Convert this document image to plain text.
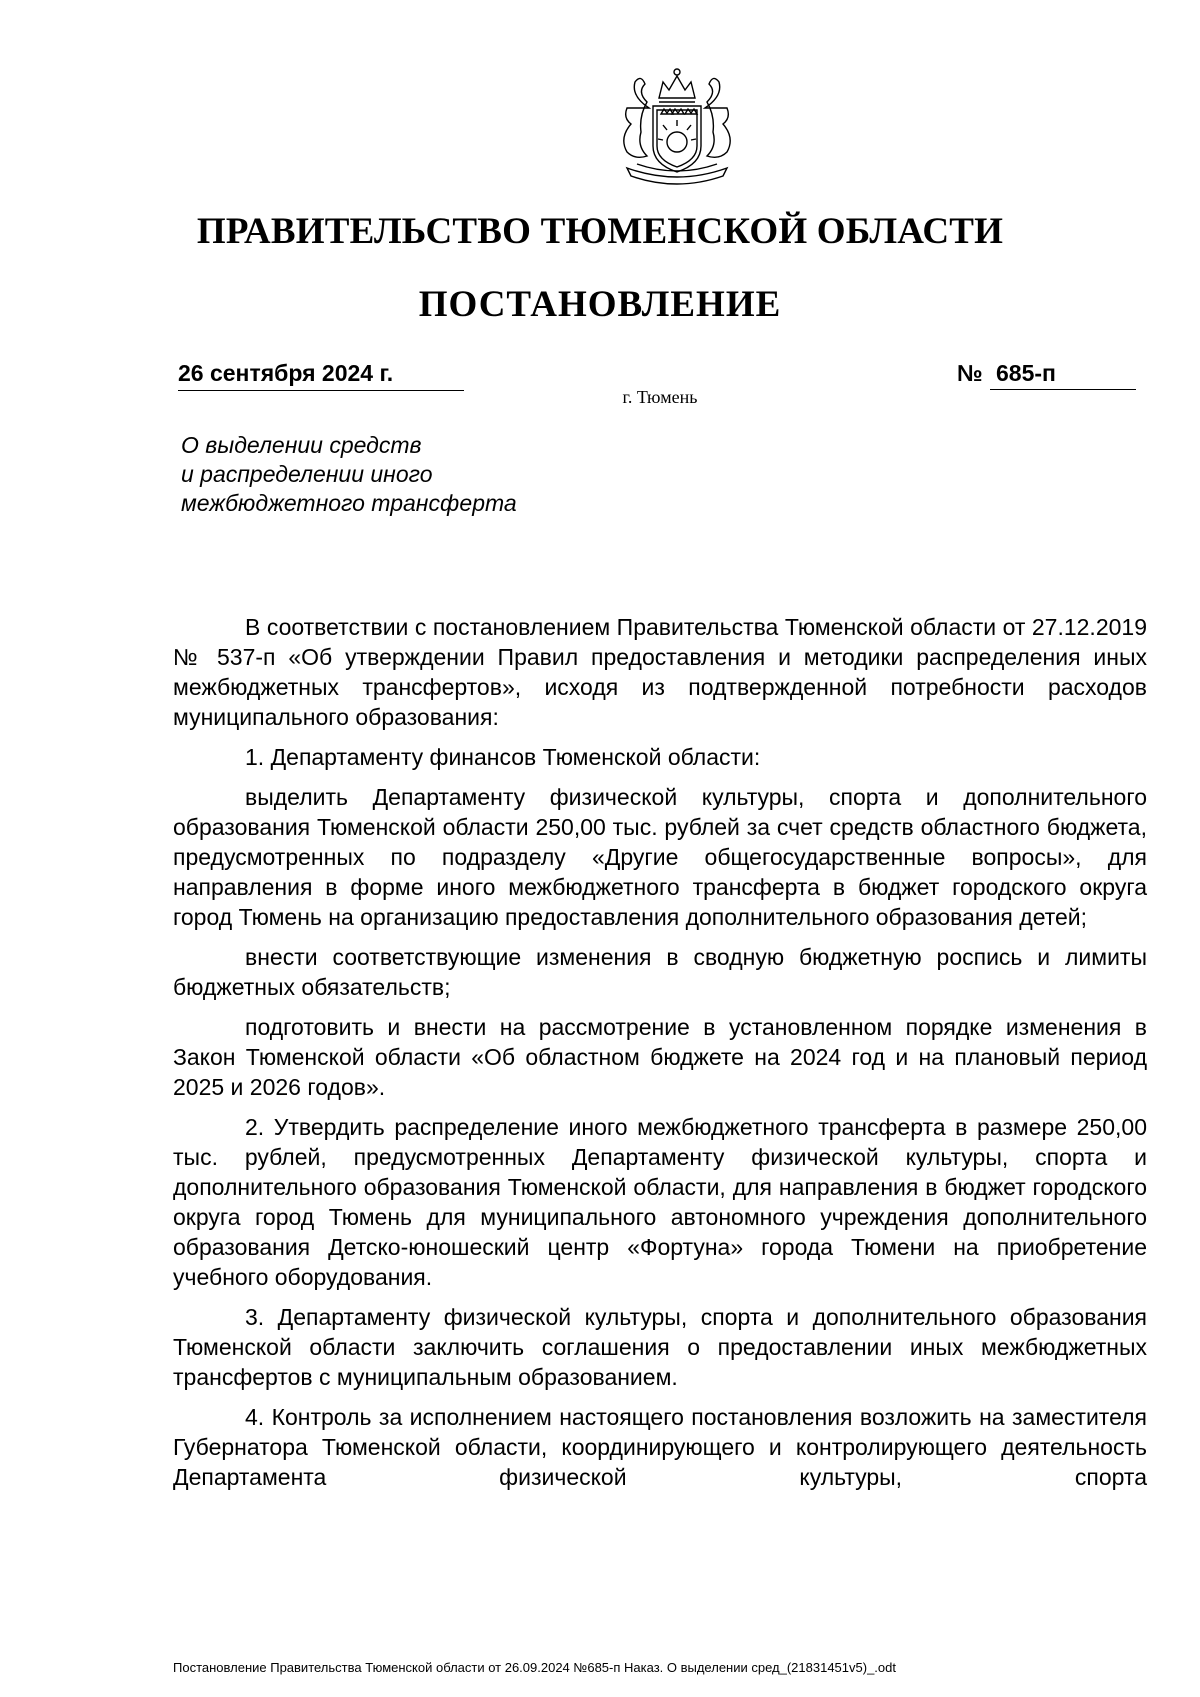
ПРАВИТЕЛЬСТВО ТЮМЕНСКОЙ ОБЛАСТИ
ПОСТАНОВЛЕНИЕ
26 сентября 2024 г.	№ 685-п
г. Тюмень
О выделении средств
и распределении иного
межбюджетного трансферта

В соответствии с постановлением Правительства Тюменской области от 27.12.2019 № 537-п «Об утверждении Правил предоставления и методики распределения иных межбюджетных трансфертов», исходя из подтвержденной потребности расходов муниципального образования:

1. Департаменту финансов Тюменской области:

выделить Департаменту физической культуры, спорта и дополнительного образования Тюменской области 250,00 тыс. рублей за счет средств областного бюджета, предусмотренных по подразделу «Другие общегосударственные вопросы», для направления в форме иного межбюджетного трансферта в бюджет городского округа город Тюмень на организацию предоставления дополнительного образования детей;

внести соответствующие изменения в сводную бюджетную роспись и лимиты бюджетных обязательств;

подготовить и внести на рассмотрение в установленном порядке изменения в Закон Тюменской области «Об областном бюджете на 2024 год и на плановый период 2025 и 2026 годов».

2. Утвердить распределение иного межбюджетного трансферта в размере 250,00 тыс. рублей, предусмотренных Департаменту физической культуры, спорта и дополнительного образования Тюменской области, для направления в бюджет городского округа город Тюмень для муниципального автономного учреждения дополнительного образования Детско-юношеский центр «Фортуна» города Тюмени на приобретение учебного оборудования.

3. Департаменту физической культуры, спорта и дополнительного образования Тюменской области заключить соглашения о предоставлении иных межбюджетных трансфертов с муниципальным образованием.

4. Контроль за исполнением настоящего постановления возложить на заместителя Губернатора Тюменской области, координирующего и контролирующего деятельность Департамента физической культуры, спорта

Постановление Правительства Тюменской области от 26.09.2024 №685-п Наказ. О выделении сред_(21831451v5)_.odt
